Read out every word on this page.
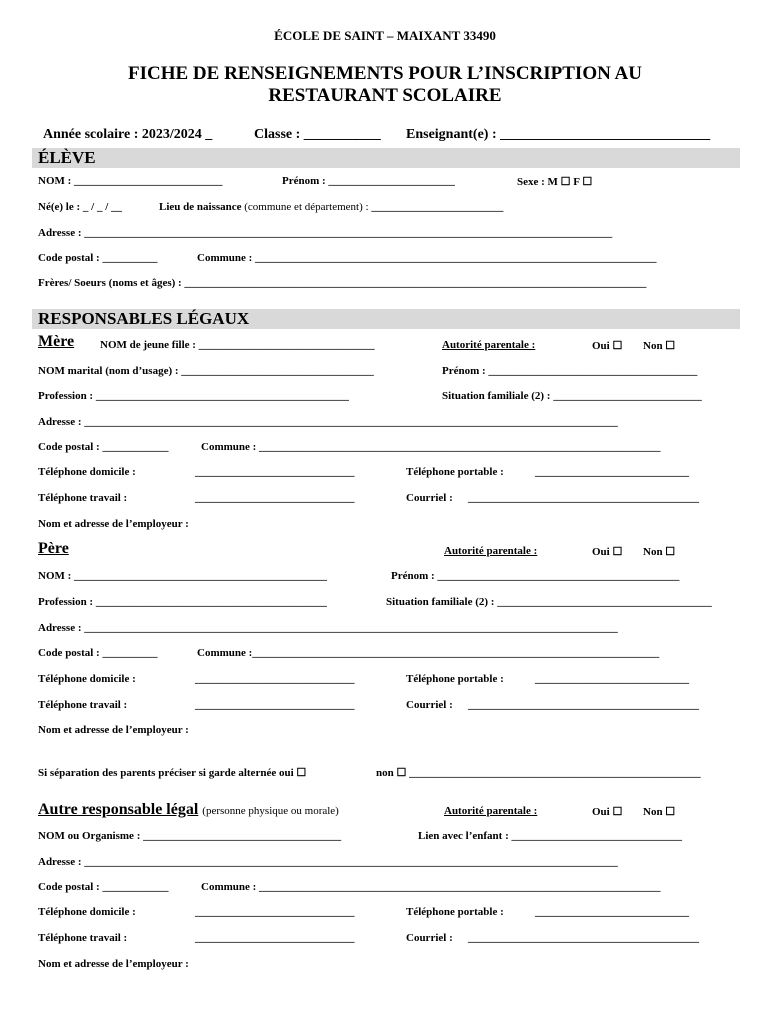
ÉCOLE DE SAINT – MAIXANT 33490
FICHE DE RENSEIGNEMENTS POUR L’INSCRIPTION AU
RESTAURANT SCOLAIRE
Année scolaire : 2023/2024 _	Classe : ___________ Enseignant(e) : ______________________________
ÉLÈVE
NOM : ___________________________	Prénom : _______________________	Sexe : M ☐ F ☐
Né(e) le : _ / _ / __	Lieu de naissance (commune et département) : ________________________
Adresse : ________________________________________________________________________________________________
Code postal : __________	Commune : _________________________________________________________________________
Frères/ Soeurs (noms et âges) : ____________________________________________________________________________________
RESPONSABLES LÉGAUX
Mère NOM de jeune fille : ________________________________	Autorité parentale :	Oui ☐ Non ☐
NOM marital (nom d’usage) : ___________________________________	Prénom : ______________________________________
Profession : ______________________________________________	Situation familiale (2) : ___________________________
Adresse : _________________________________________________________________________________________________
Code postal : ____________	Commune : _________________________________________________________________________
Téléphone domicile :	_____________________________	Téléphone portable :	____________________________
Téléphone travail :	_____________________________	Courriel : __________________________________________
Nom et adresse de l’employeur :
Père	Autorité parentale :	Oui ☐ Non ☐
NOM : ______________________________________________	Prénom : ____________________________________________
Profession : __________________________________________	Situation familiale (2) : _______________________________________
Adresse : _________________________________________________________________________________________________
Code postal : __________	Commune :__________________________________________________________________________
Téléphone domicile :	_____________________________	Téléphone portable :	____________________________
Téléphone travail :	_____________________________	Courriel : __________________________________________
Nom et adresse de l’employeur :
Si séparation des parents préciser si garde alternée oui ☐	non ☐ _____________________________________________________
Autre responsable légal (personne physique ou morale)	Autorité parentale :	Oui ☐ Non ☐
NOM ou Organisme : ____________________________________	Lien avec l’enfant : _______________________________
Adresse : _________________________________________________________________________________________________
Code postal : ____________	Commune : _________________________________________________________________________
Téléphone domicile :	_____________________________	Téléphone portable :	____________________________
Téléphone travail :	_____________________________	Courriel : __________________________________________
Nom et adresse de l’employeur :
